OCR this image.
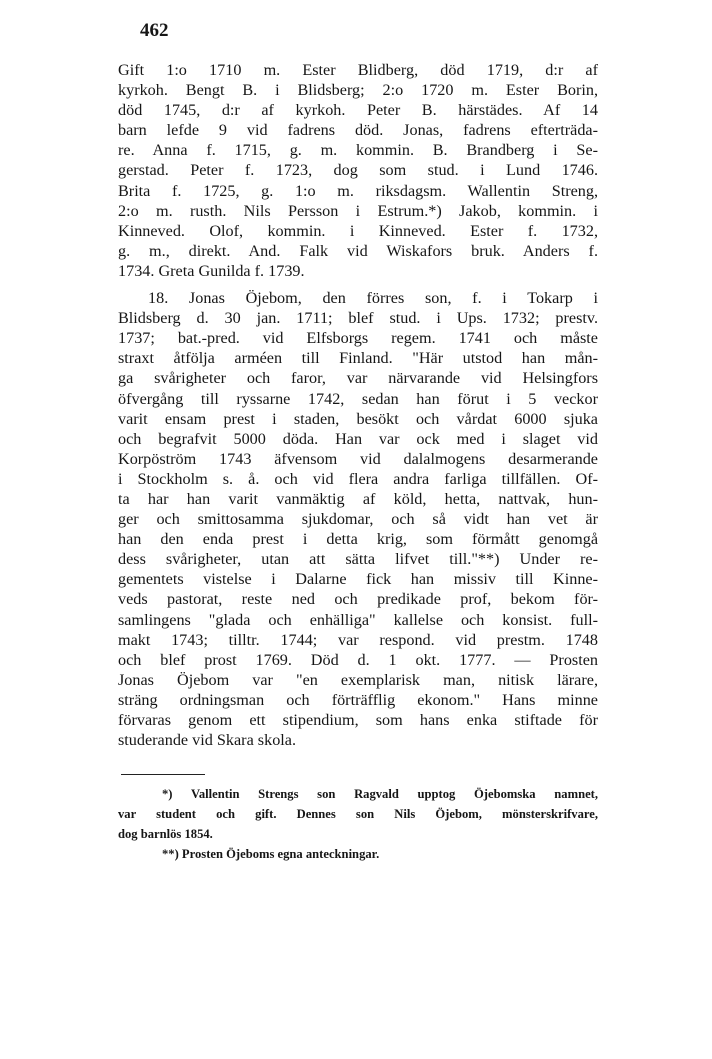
462
Gift 1:o 1710 m. Ester Blidberg, död 1719, d:r af
kyrkoh. Bengt B. i Blidsberg; 2:o 1720 m. Ester Borin,
död 1745, d:r af kyrkoh. Peter B. härstädes. Af 14
barn lefde 9 vid fadrens död. Jonas, fadrens efterträda-
re. Anna f. 1715, g. m. kommin. B. Brandberg i Se-
gerstad. Peter f. 1723, dog som stud. i Lund 1746.
Brita f. 1725, g. 1:o m. riksdagsm. Wallentin Streng,
2:o m. rusth. Nils Persson i Estrum.*) Jakob, kommin. i
Kinneved. Olof, kommin. i Kinneved. Ester f. 1732,
g. m., direkt. And. Falk vid Wiskafors bruk. Anders f.
1734. Greta Gunilda f. 1739.
18. Jonas Öjebom, den förres son, f. i Tokarp i
Blidsberg d. 30 jan. 1711; blef stud. i Ups. 1732; prestv.
1737; bat.-pred. vid Elfsborgs regem. 1741 och måste
straxt åtfölja arméen till Finland. "Här utstod han mån-
ga svårigheter och faror, var närvarande vid Helsingfors
öfvergång till ryssarne 1742, sedan han förut i 5 veckor
varit ensam prest i staden, besökt och vårdat 6000 sjuka
och begrafvit 5000 döda. Han var ock med i slaget vid
Korpöström 1743 äfvensom vid dalalmogens desarmerande
i Stockholm s. å. och vid flera andra farliga tillfällen. Of-
ta har han varit vanmäktig af köld, hetta, nattvak, hun-
ger och smittosamma sjukdomar, och så vidt han vet är
han den enda prest i detta krig, som förmått genomgå
dess svårigheter, utan att sätta lifvet till."**) Under re-
gementets vistelse i Dalarne fick han missiv till Kinne-
veds pastorat, reste ned och predikade prof, bekom för-
samlingens "glada och enhälliga" kallelse och konsist. full-
makt 1743; tilltr. 1744; var respond. vid prestm. 1748
och blef prost 1769. Död d. 1 okt. 1777. — Prosten
Jonas Öjebom var "en exemplarisk man, nitisk lärare,
sträng ordningsman och förträfflig ekonom." Hans minne
förvaras genom ett stipendium, som hans enka stiftade för
studerande vid Skara skola.
*) Vallentin Strengs son Ragvald upptog Öjebomska namnet,
var student och gift. Dennes son Nils Öjebom, mönsterskrifvare,
dog barnlös 1854.
**) Prosten Öjeboms egna anteckningar.
